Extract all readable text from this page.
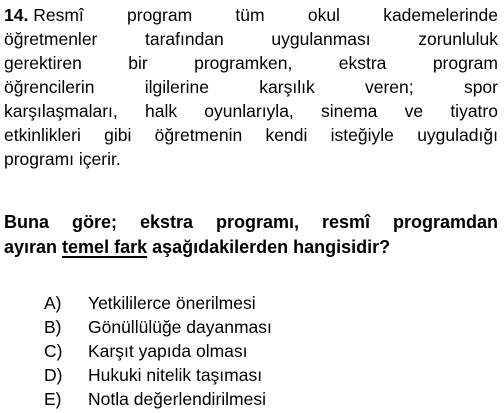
14. Resmî program tüm okul kademelerinde
öğretmenler	tarafından	uygulanması	zorunluluk
gerektiren	bir	programken,	ekstra	program
öğrencilerin	ilgilerine	karşılık	veren;	spor
karşılaşmaları, halk oyunlarıyla, sinema ve tiyatro
etkinlikleri gibi öğretmenin kendi isteğiyle uyguladığı
programı
içerir.
Buna göre; ekstra programı, resmî programdan
ayıran temel fark aşağıdakilerden hangisidir?
A)	Yetkililerce önerilmesi
B)	Gönüllülüğe dayanması
C)	Karşıt yapıda olması
D)	Hukuki nitelik taşıması
E)	Notla değerlendirilmesi
